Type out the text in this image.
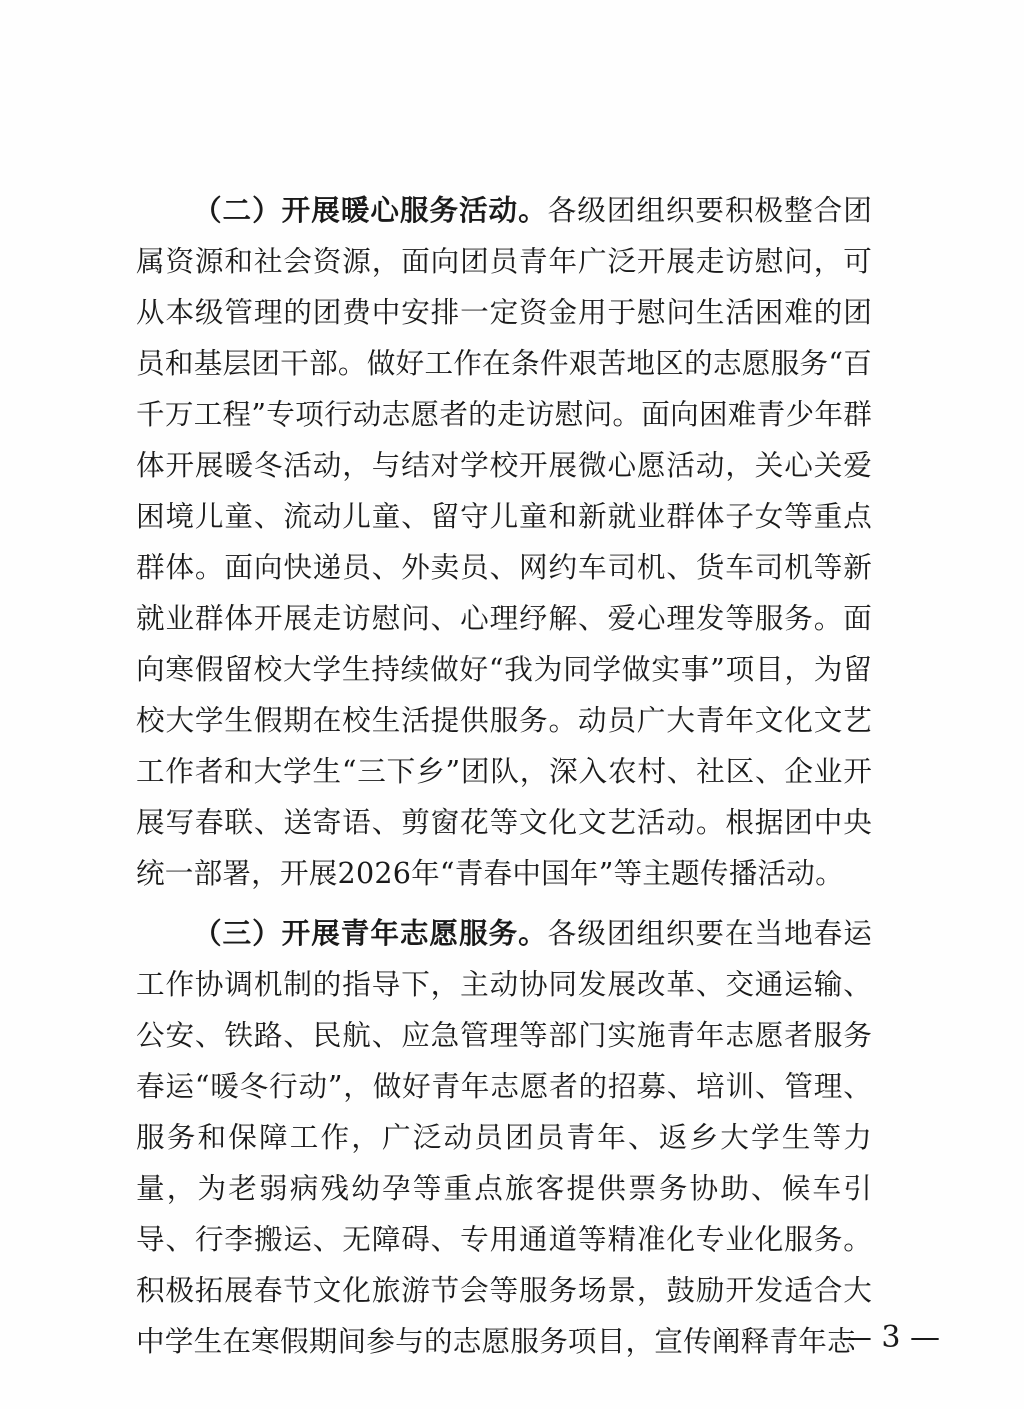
（二）开展暖心服务活动。各级团组织要积极整合团属资源和社会资源，面向团员青年广泛开展走访慰问，可从本级管理的团费中安排一定资金用于慰问生活困难的团员和基层团干部。做好工作在条件艰苦地区的志愿服务“百千万工程”专项行动志愿者的走访慰问。面向困难青少年群体开展暖冬活动，与结对学校开展微心愿活动，关心关爱困境儿童、流动儿童、留守儿童和新就业群体子女等重点群体。面向快递员、外卖员、网约车司机、货车司机等新就业群体开展走访慰问、心理纾解、爱心理发等服务。面向寒假留校大学生持续做好“我为同学做实事”项目，为留校大学生假期在校生活提供服务。动员广大青年文化文艺工作者和大学生“三下乡”团队，深入农村、社区、企业开展写春联、送寄语、剪窗花等文化文艺活动。根据团中央统一部署，开展2026年“青春中国年”等主题传播活动。

（三）开展青年志愿服务。各级团组织要在当地春运工作协调机制的指导下，主动协同发展改革、交通运输、公安、铁路、民航、应急管理等部门实施青年志愿者服务春运“暖冬行动”，做好青年志愿者的招募、培训、管理、服务和保障工作，广泛动员团员青年、返乡大学生等力量，为老弱病残幼孕等重点旅客提供票务协助、候车引导、行李搬运、无障碍、专用通道等精准化专业化服务。积极拓展春节文化旅游节会等服务场景，鼓励开发适合大中学生在寒假期间参与的志愿服务项目，宣传阐释青年志

— 3 —
